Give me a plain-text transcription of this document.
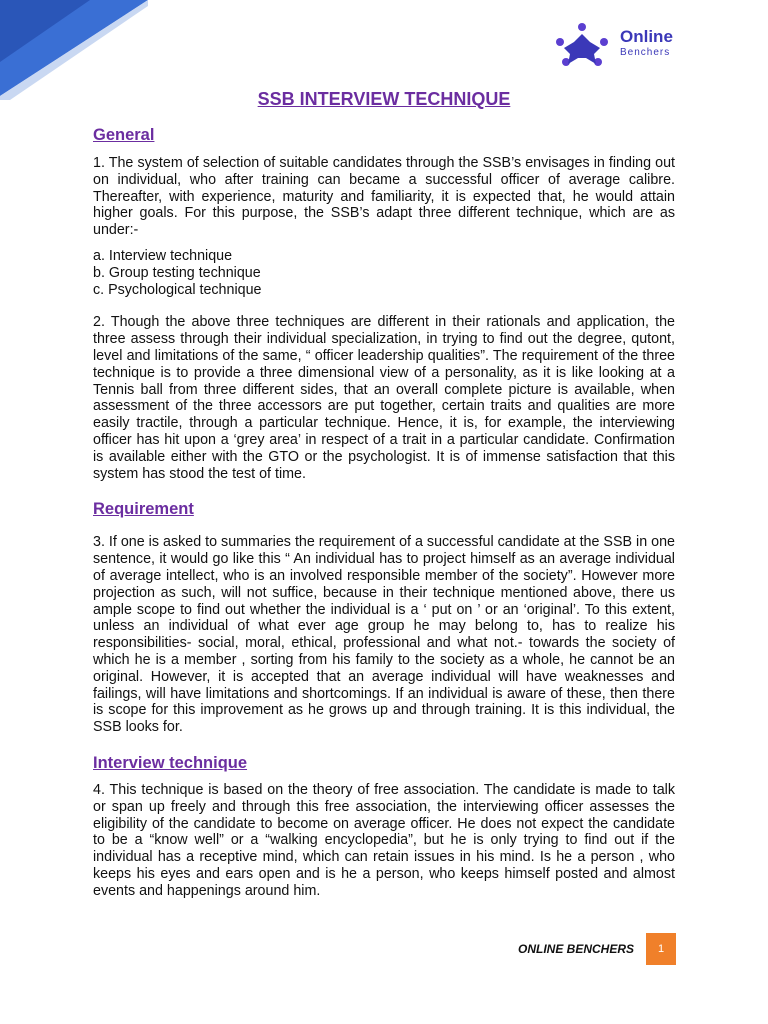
Online
Benchers
SSB INTERVIEW TECHNIQUE
General

1. The system of selection of suitable candidates through the SSB’s envisages in finding out on individual, who after training can became a successful officer of average calibre. Thereafter, with experience, maturity and familiarity, it is expected that, he would attain higher goals. For this purpose, the SSB’s adapt three different technique, which are as under:-

a. Interview technique
b. Group testing technique
c. Psychological technique

2. Though the above three techniques are different in their rationals and application, the three assess through their individual specialization, in trying to find out the degree, qutont, level and limitations of the same, “ officer leadership qualities”. The requirement of the three technique is to provide a three dimensional view of a personality, as it is like looking at a Tennis ball from three different sides, that an overall complete picture is available, when assessment of the three accessors are put together, certain traits and qualities are more easily tractile, through a particular technique. Hence, it is, for example, the interviewing officer has hit upon a ‘grey area’ in respect of a trait in a particular candidate. Confirmation is available either with the GTO or the psychologist. It is of immense satisfaction that this system has stood the test of time.

Requirement

3. If one is asked to summaries the requirement of a successful candidate at the SSB in one sentence, it would go like this “ An individual has to project himself as an average individual of average intellect, who is an involved responsible member of the society”. However more projection as such, will not suffice, because in their technique mentioned above, there us ample scope to find out whether the individual is a ‘ put on ’ or an ‘original’. To this extent, unless an individual of what ever age group he may belong to, has to realize his responsibilities- social, moral, ethical, professional and what not.- towards the society of which he is a member , sorting from his family to the society as a whole, he cannot be an original. However, it is accepted that an average individual will have weaknesses and failings, will have limitations and shortcomings. If an individual is aware of these, then there is scope for this improvement as he grows up and through training. It is this individual, the SSB looks for.

Interview technique

4. This technique is based on the theory of free association. The candidate is made to talk or span up freely and through this free association, the interviewing officer assesses the eligibility of the candidate to become on average officer. He does not expect the candidate to be a “know well” or a “walking encyclopedia”, but he is only trying to find out if the individual has a receptive mind, which can retain issues in his mind. Is he a person , who keeps his eyes and ears open and is he a person, who keeps himself posted and almost events and happenings around him.

ONLINE BENCHERS	1
